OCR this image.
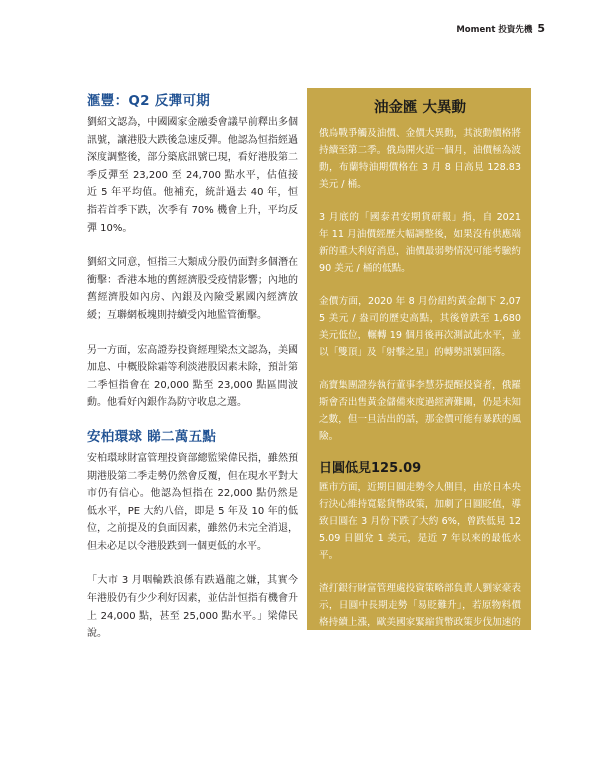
Moment 投資先機 5
滙豐：Q2 反彈可期

劉紹文認為，中國國家金融委會議早前釋出多個訊號，讓港股大跌後急速反彈。他認為恒指經過深度調整後，部分築底訊號已現，看好港股第二季反彈至 23,200 至 24,700 點水平，估值接近 5 年平均值。他補充，統計過去 40 年，恒指若首季下跌，次季有 70% 機會上升，平均反彈 10%。

劉紹文同意，恒指三大類成分股仍面對多個潛在衝擊：香港本地的舊經濟股受疫情影響；內地的舊經濟股如內房、內銀及內險受累國內經濟放緩；互聯網板塊則持續受內地監管衝擊。

另一方面，宏高證券投資經理梁杰文認為，美國加息、中概股除霜等利淡港股因素未除，預計第二季恒指會在 20,000 點至 23,000 點區間波動。他看好內銀作為防守收息之選。

安柏環球 睇二萬五點

安柏環球財富管理投資部總監梁偉民指，雖然預期港股第二季走勢仍然會反覆，但在現水平對大市仍有信心。他認為恒指在 22,000 點仍然是低水平，PE 大約八倍，即是 5 年及 10 年的低位，之前提及的負面因素，雖然仍未完全消退，但未必足以令港股跌到一個更低的水平。

「大市 3 月咽輪跌浪係有跌過龍之嫌，其實今年港股仍有少少利好因素，並估計恒指有機會升上 24,000 點，甚至 25,000 點水平。」梁偉民說。

油金匯 大異動

俄烏戰爭觸及油價、金價大異動，其波動價格將持續至第二季。俄烏開火近一個月，油價極為波動，布蘭特油期價格在 3 月 8 日高見 128.83 美元 / 桶。

3 月底的「國泰君安期貨研報」指，自 2021 年 11 月油價經歷大幅調整後，如果沒有供應端新的重大利好消息，油價最弱勢情況可能考驗約 90 美元 / 桶的低點。

金價方面，2020 年 8 月份紐約黃金創下 2,075 美元 / 盎司的歷史高點，其後曾跌至 1,680 美元低位，輾轉 19 個月後再次測試此水平，並以「雙頂」及「射擊之星」的轉勢訊號回落。

高寶集團證券執行董事李慧芬提醒投資者，俄羅斯會否出售黃金儲備來度過經濟難關，仍是未知之數，但一旦沽出的話，那金價可能有暴跌的風險。

日圓低見125.09

匯市方面，近期日圓走勢令人側目，由於日本央行決心維持寬鬆貨幣政策，加劇了日圓貶值，導致日圓在 3 月份下跌了大約 6%，曾跌低見 125.09 日圓兌 1 美元，是近 7 年以來的最低水平。

渣打銀行財富管理處投資策略部負責人劉家豪表示，日圓中長期走勢「易貶難升」，若原物料價格持續上漲，歐美國家緊縮貨幣政策步伐加速的話，日圓有可能短暫觸碰 130 價位，建議換匯可選低市房操作。
